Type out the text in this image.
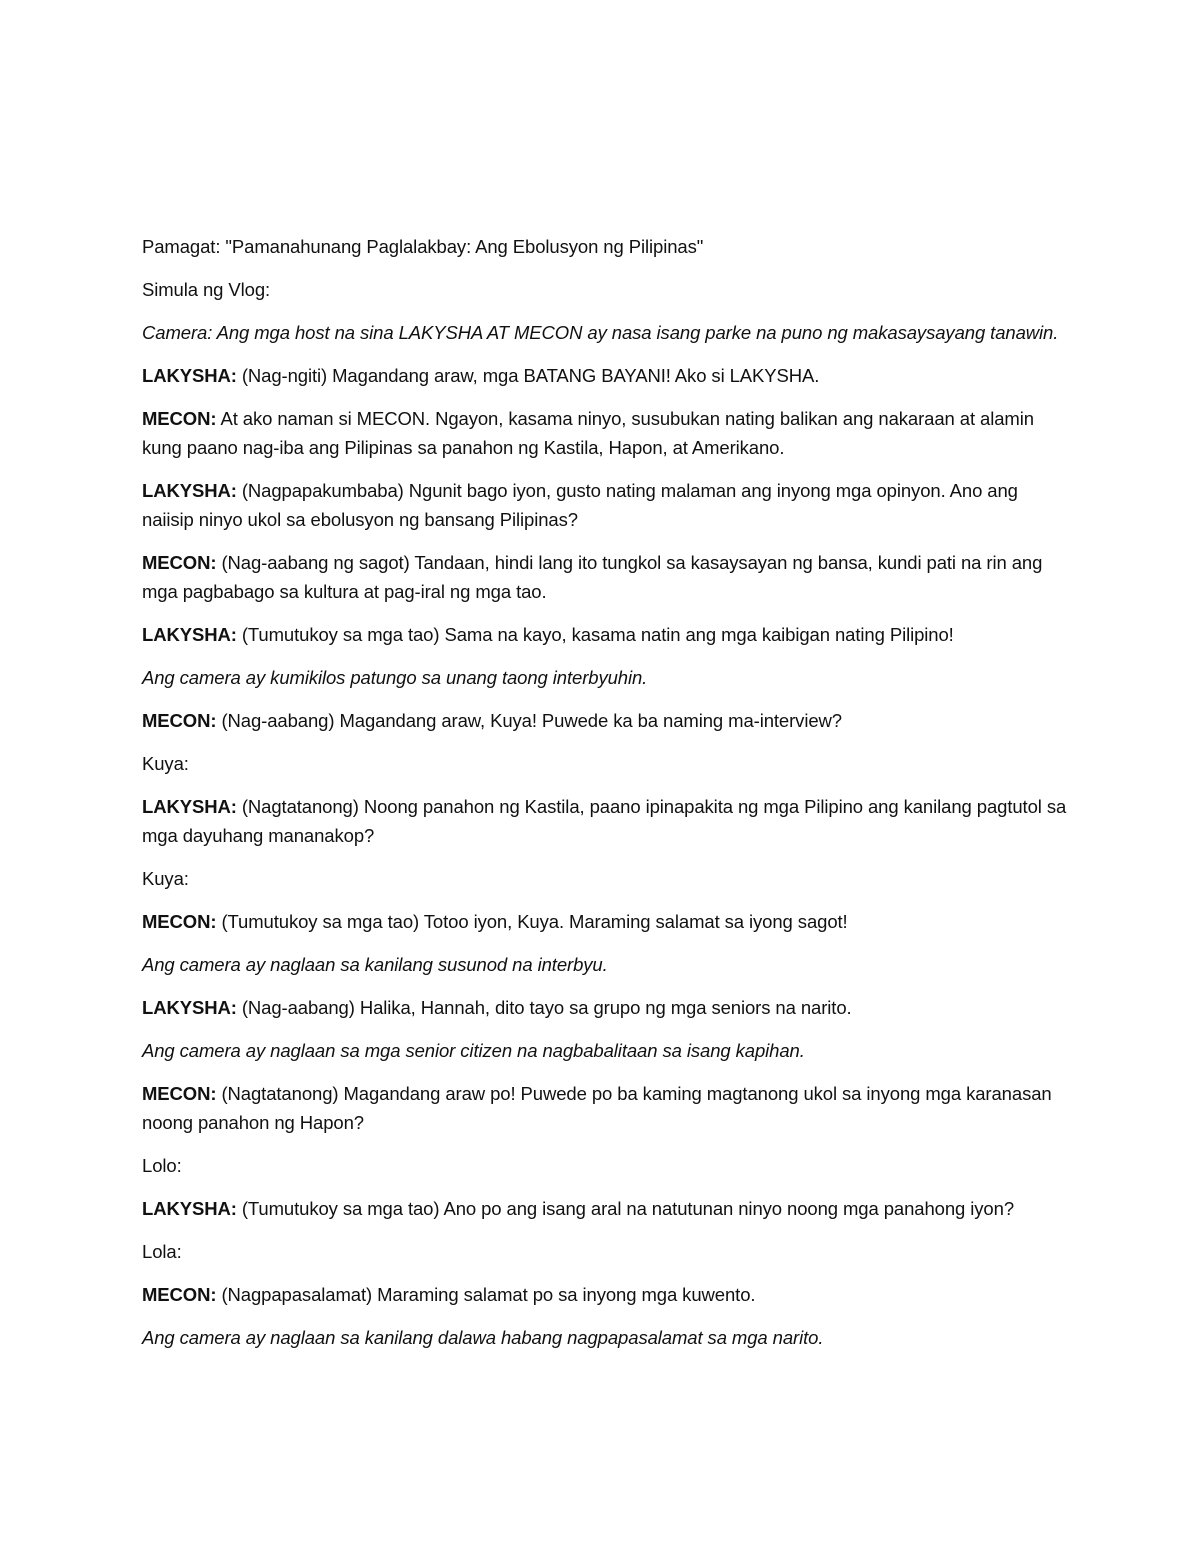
Pamagat: "Pamanahunang Paglalakbay: Ang Ebolusyon ng Pilipinas"

Simula ng Vlog:

Camera: Ang mga host na sina LAKYSHA AT MECON ay nasa isang parke na puno ng makasaysayang tanawin.

LAKYSHA: (Nag-ngiti) Magandang araw, mga BATANG BAYANI! Ako si LAKYSHA.

MECON: At ako naman si MECON. Ngayon, kasama ninyo, susubukan nating balikan ang nakaraan at alamin kung paano nag-iba ang Pilipinas sa panahon ng Kastila, Hapon, at Amerikano.

LAKYSHA: (Nagpapakumbaba) Ngunit bago iyon, gusto nating malaman ang inyong mga opinyon. Ano ang naiisip ninyo ukol sa ebolusyon ng bansang Pilipinas?

MECON: (Nag-aabang ng sagot) Tandaan, hindi lang ito tungkol sa kasaysayan ng bansa, kundi pati na rin ang mga pagbabago sa kultura at pag-iral ng mga tao.

LAKYSHA: (Tumutukoy sa mga tao) Sama na kayo, kasama natin ang mga kaibigan nating Pilipino!

Ang camera ay kumikilos patungo sa unang taong interbyuhin.

MECON: (Nag-aabang) Magandang araw, Kuya! Puwede ka ba naming ma-interview?

Kuya:

LAKYSHA: (Nagtatanong) Noong panahon ng Kastila, paano ipinapakita ng mga Pilipino ang kanilang pagtutol sa mga dayuhang mananakop?

Kuya:

MECON: (Tumutukoy sa mga tao) Totoo iyon, Kuya. Maraming salamat sa iyong sagot!

Ang camera ay naglaan sa kanilang susunod na interbyu.

LAKYSHA: (Nag-aabang) Halika, Hannah, dito tayo sa grupo ng mga seniors na narito.

Ang camera ay naglaan sa mga senior citizen na nagbabalitaan sa isang kapihan.

MECON: (Nagtatanong) Magandang araw po! Puwede po ba kaming magtanong ukol sa inyong mga karanasan noong panahon ng Hapon?

Lolo:

LAKYSHA: (Tumutukoy sa mga tao) Ano po ang isang aral na natutunan ninyo noong mga panahong iyon?

Lola:

MECON: (Nagpapasalamat) Maraming salamat po sa inyong mga kuwento.

Ang camera ay naglaan sa kanilang dalawa habang nagpapasalamat sa mga narito.
